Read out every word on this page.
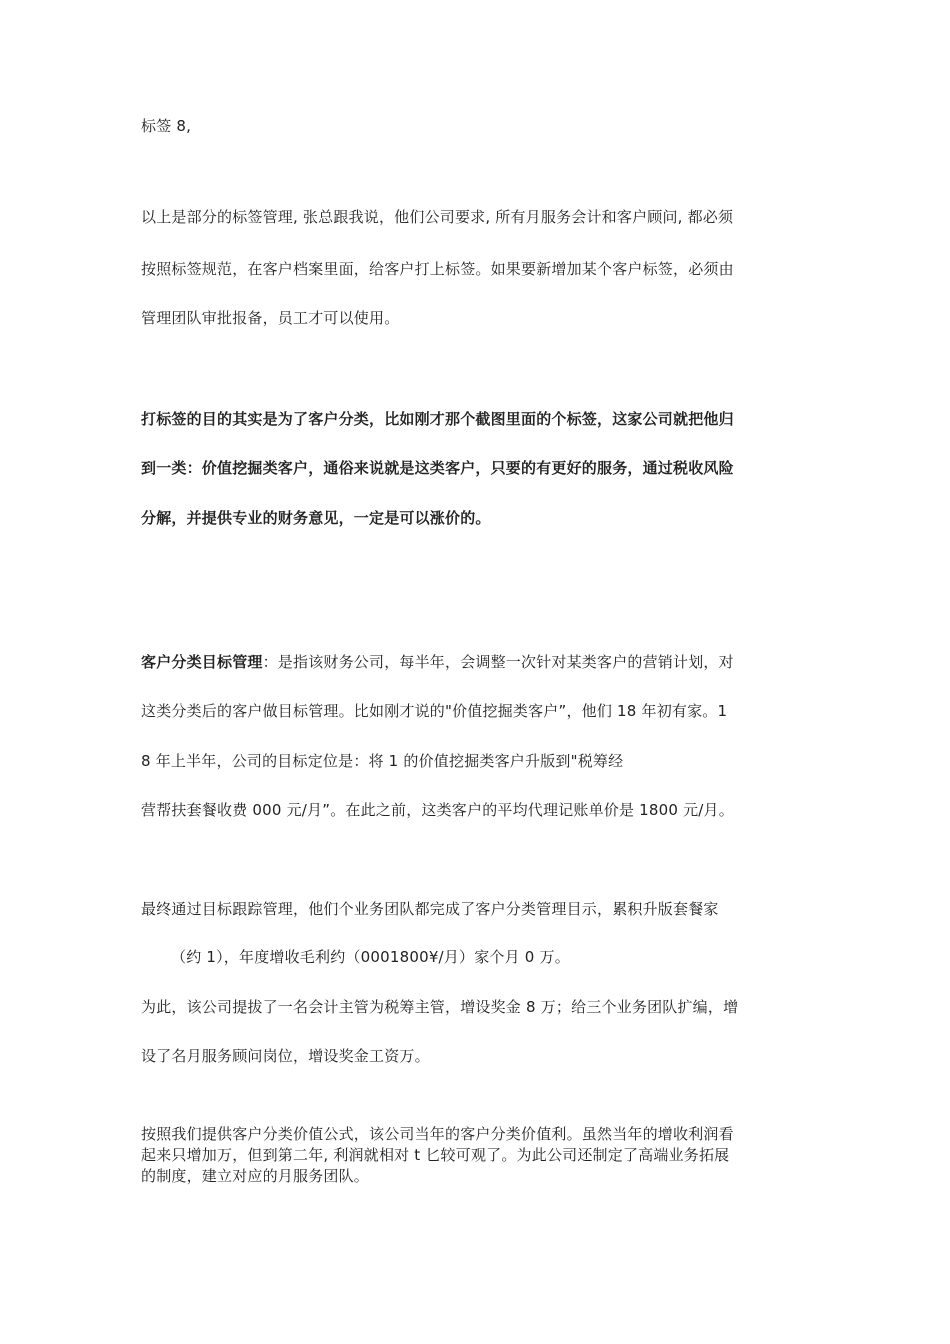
标签 8,
以上是部分的标签管理, 张总跟我说，他们公司要求, 所有月服务会计和客户顾问, 都必须
按照标签规范，在客户档案里面，给客户打上标签。如果要新增加某个客户标签，必须由
管理团队审批报备，员工才可以使用。
打标签的目的其实是为了客户分类，比如刚才那个截图里面的个标签，这家公司就把他归
到一类：价值挖掘类客户，通俗来说就是这类客户，只要的有更好的服务，通过税收风险
分解，并提供专业的财务意见，一定是可以涨价的。
客户分类目标管理：是指该财务公司，每半年，会调整一次针对某类客户的营销计划，对
这类分类后的客户做目标管理。比如刚才说的"价值挖掘类客户”，他们 18 年初有家。1
8 年上半年，公司的目标定位是：将 1 的价值挖掘类客户升版到"税筹经
营帮扶套餐收费 000 元/月”。在此之前，这类客户的平均代理记账单价是 1800 元/月。
最终通过目标跟踪管理，他们个业务团队都完成了客户分类管理目示，累积升版套餐家
（约 1），年度增收毛利约（0001800¥/月）家个月 0 万。
为此，该公司提拔了一名会计主管为税筹主管，增设奖金 8 万；给三个业务团队扩编，增
设了名月服务顾问岗位，增设奖金工资万。
按照我们提供客户分类价值公式，该公司当年的客户分类价值利。虽然当年的增收利润看
起来只增加万，但到第二年, 利润就相对 t 匕较可观了。为此公司还制定了高端业务拓展
的制度，建立对应的月服务团队。
